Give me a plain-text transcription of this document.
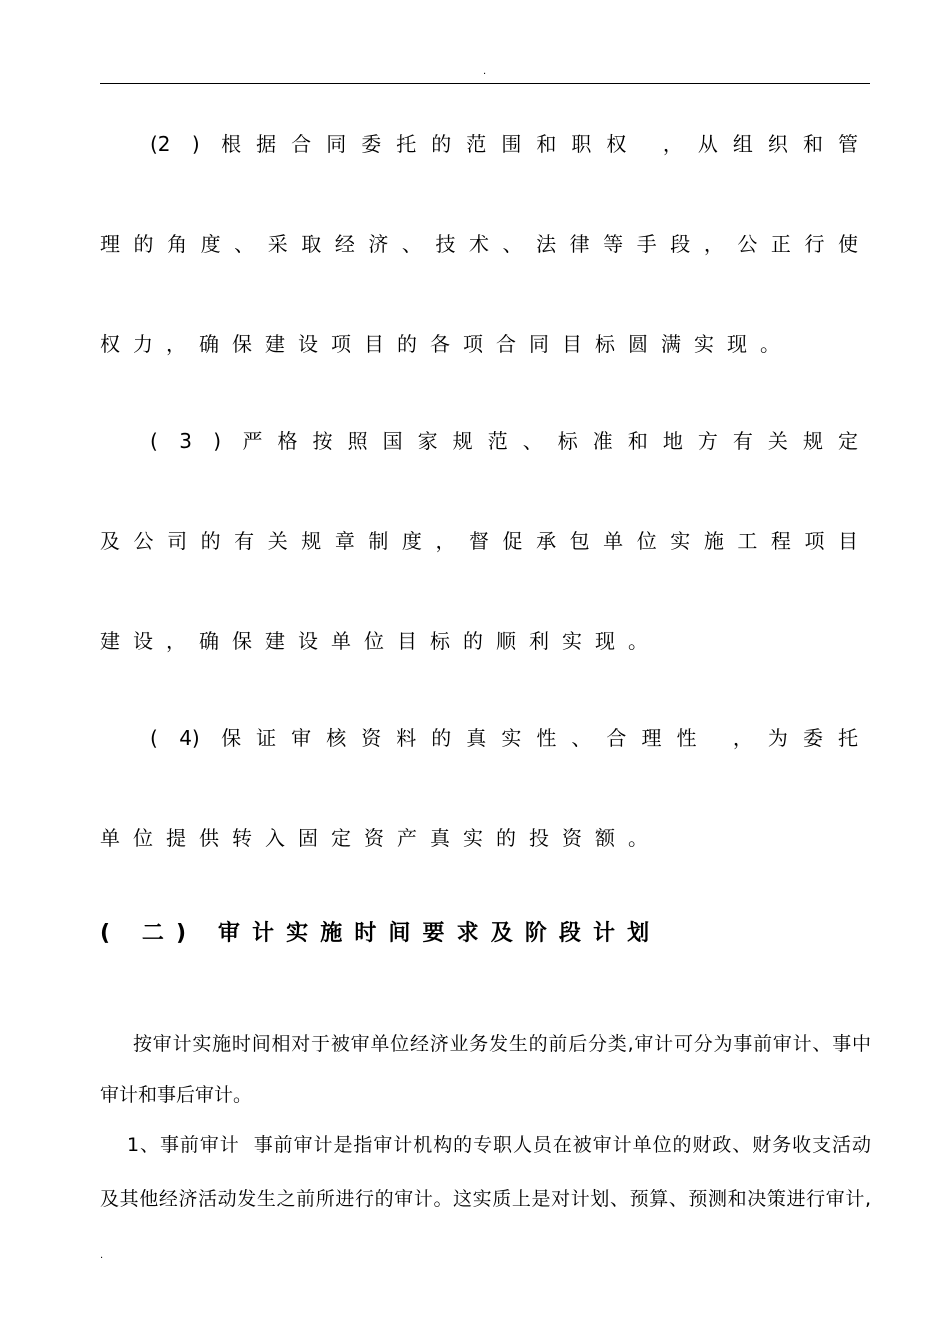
.
(2 ) 根据合同委托的范围和职权 ，从组织和管
理的角度、采取经济、技术、法律等手段，公正行使
权力，确保建设项目的各项合同目标圆满实现。
( 3 ) 严格按照国家规范、标准和地方有关规定
及公司的有关规章制度，督促承包单位实施工程项目
建设，确保建设单位目标的顺利实现。
( 4) 保证审核资料的真实性、合理性 ，为委托
单位提供转入固定资产真实的投资额。
( 二) 审计实施时间要求及阶段计划
按审计实施时间相对于被审单位经济业务发生的前后分类,审计可分为事前审计、事中
审计和事后审计。
1、事前审计 ﻿ 事前审计是指审计机构的专职人员在被审计单位的财政、财务收支活动
及其他经济活动发生之前所进行的审计。这实质上是对计划、预算、预测和决策进行审计,
.
